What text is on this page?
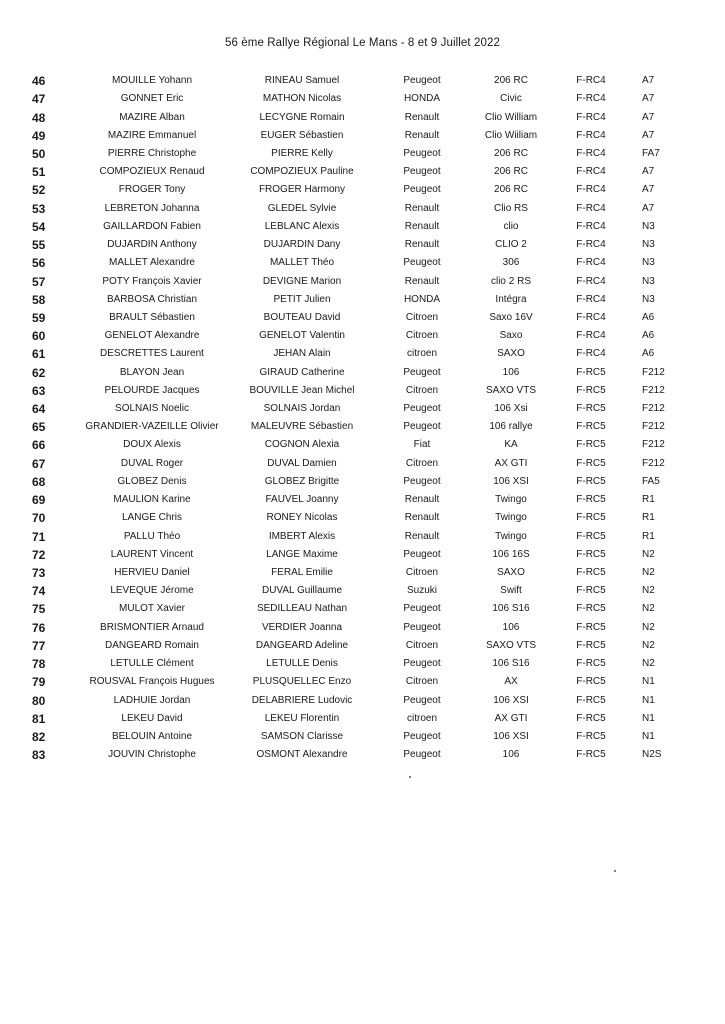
56 ème Rallye Régional Le Mans - 8 et 9 Juillet 2022
46	MOUILLE Yohann	RINEAU Samuel	Peugeot	206 RC	F-RC4	A7
47	GONNET Eric	MATHON Nicolas	HONDA	Civic	F-RC4	A7
48	MAZIRE Alban	LECYGNE Romain	Renault	Clio William	F-RC4	A7
49	MAZIRE Emmanuel	EUGER Sébastien	Renault	Clio Wiiliam	F-RC4	A7
50	PIERRE Christophe	PIERRE Kelly	Peugeot	206 RC	F-RC4	FA7
51	COMPOZIEUX Renaud	COMPOZIEUX Pauline	Peugeot	206 RC	F-RC4	A7
52	FROGER Tony	FROGER Harmony	Peugeot	206 RC	F-RC4	A7
53	LEBRETON Johanna	GLEDEL Sylvie	Renault	Clio RS	F-RC4	A7
54	GAILLARDON Fabien	LEBLANC Alexis	Renault	clio	F-RC4	N3
55	DUJARDIN Anthony	DUJARDIN Dany	Renault	CLIO 2	F-RC4	N3
56	MALLET Alexandre	MALLET Théo	Peugeot	306	F-RC4	N3
57	POTY François Xavier	DEVIGNE Marion	Renault	clio 2 RS	F-RC4	N3
58	BARBOSA Christian	PETIT Julien	HONDA	Intégra	F-RC4	N3
59	BRAULT Sébastien	BOUTEAU David	Citroen	Saxo 16V	F-RC4	A6
60	GENELOT Alexandre	GENELOT Valentin	Citroen	Saxo	F-RC4	A6
61	DESCRETTES Laurent	JEHAN Alain	citroen	SAXO	F-RC4	A6
62	BLAYON Jean	GIRAUD Catherine	Peugeot	106	F-RC5	F212
63	PELOURDE Jacques	BOUVILLE Jean Michel	Citroen	SAXO VTS	F-RC5	F212
64	SOLNAIS Noelic	SOLNAIS Jordan	Peugeot	106 Xsi	F-RC5	F212
65	GRANDIER-VAZEILLE Olivier	MALEUVRE Sébastien	Peugeot	106 rallye	F-RC5	F212
66	DOUX Alexis	COGNON Alexia	Fiat	KA	F-RC5	F212
67	DUVAL Roger	DUVAL Damien	Citroen	AX GTI	F-RC5	F212
68	GLOBEZ Denis	GLOBEZ Brigitte	Peugeot	106 XSI	F-RC5	FA5
69	MAULION Karine	FAUVEL Joanny	Renault	Twingo	F-RC5	R1
70	LANGE Chris	RONEY Nicolas	Renault	Twingo	F-RC5	R1
71	PALLU Théo	IMBERT Alexis	Renault	Twingo	F-RC5	R1
72	LAURENT Vincent	LANGE Maxime	Peugeot	106 16S	F-RC5	N2
73	HERVIEU Daniel	FERAL Emilie	Citroen	SAXO	F-RC5	N2
74	LEVEQUE Jérome	DUVAL Guillaume	Suzuki	Swift	F-RC5	N2
75	MULOT Xavier	SEDILLEAU Nathan	Peugeot	106 S16	F-RC5	N2
76	BRISMONTIER Arnaud	VERDIER Joanna	Peugeot	106	F-RC5	N2
77	DANGEARD Romain	DANGEARD Adeline	Citroen	SAXO VTS	F-RC5	N2
78	LETULLE Clément	LETULLE Denis	Peugeot	106 S16	F-RC5	N2
79	ROUSVAL François Hugues	PLUSQUELLEC Enzo	Citroen	AX	F-RC5	N1
80	LADHUIE Jordan	DELABRIERE Ludovic	Peugeot	106 XSI	F-RC5	N1
81	LEKEU David	LEKEU Florentin	citroen	AX GTI	F-RC5	N1
82	BELOUIN Antoine	SAMSON Clarisse	Peugeot	106 XSI	F-RC5	N1
83	JOUVIN Christophe	OSMONT Alexandre	Peugeot	106	F-RC5	N2S
